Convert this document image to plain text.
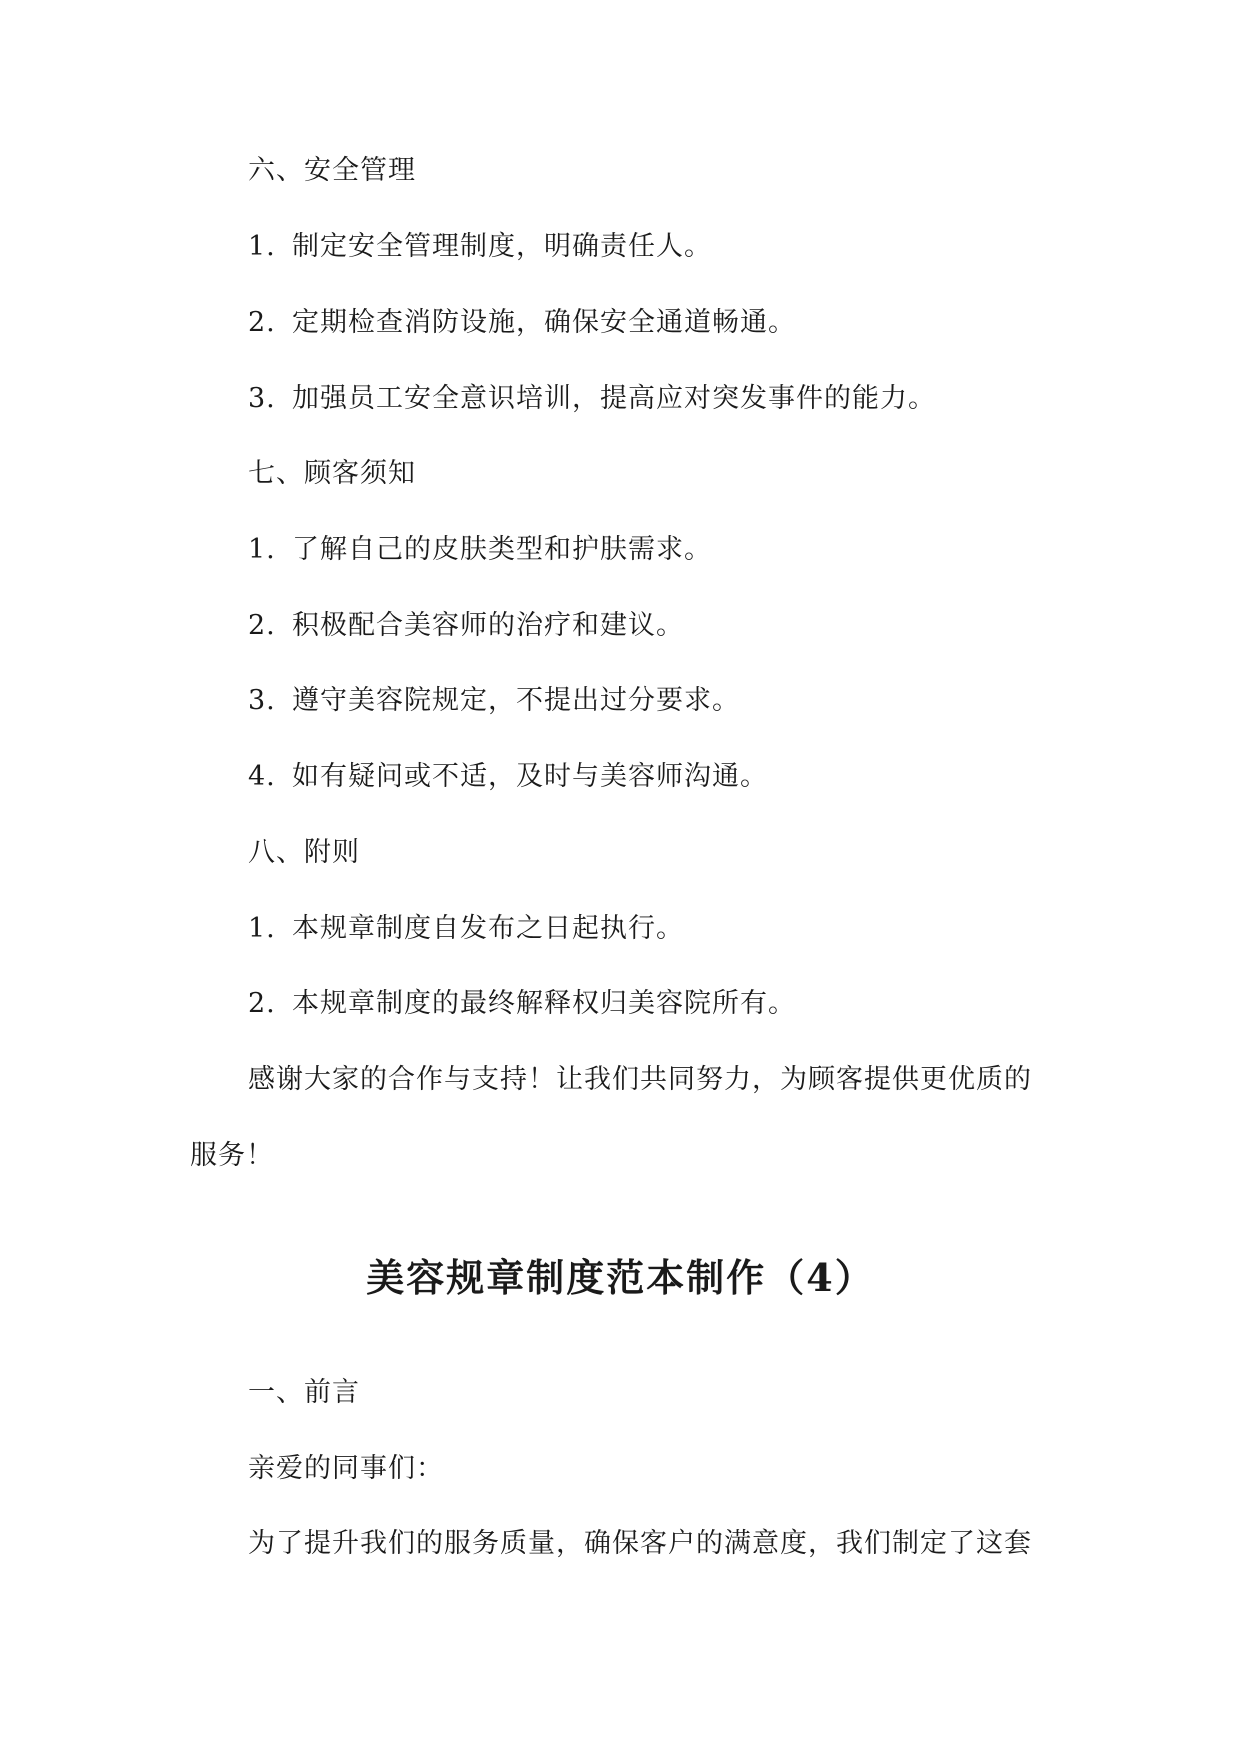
六、安全管理
1. 制定安全管理制度，明确责任人。
2. 定期检查消防设施，确保安全通道畅通。
3. 加强员工安全意识培训，提高应对突发事件的能力。
七、顾客须知
1. 了解自己的皮肤类型和护肤需求。
2. 积极配合美容师的治疗和建议。
3. 遵守美容院规定，不提出过分要求。
4. 如有疑问或不适，及时与美容师沟通。
八、附则
1. 本规章制度自发布之日起执行。
2. 本规章制度的最终解释权归美容院所有。
感谢大家的合作与支持！让我们共同努力，为顾客提供更优质的
服务！
美容规章制度范本制作（4）
一、前言
亲爱的同事们：
为了提升我们的服务质量，确保客户的满意度，我们制定了这套
